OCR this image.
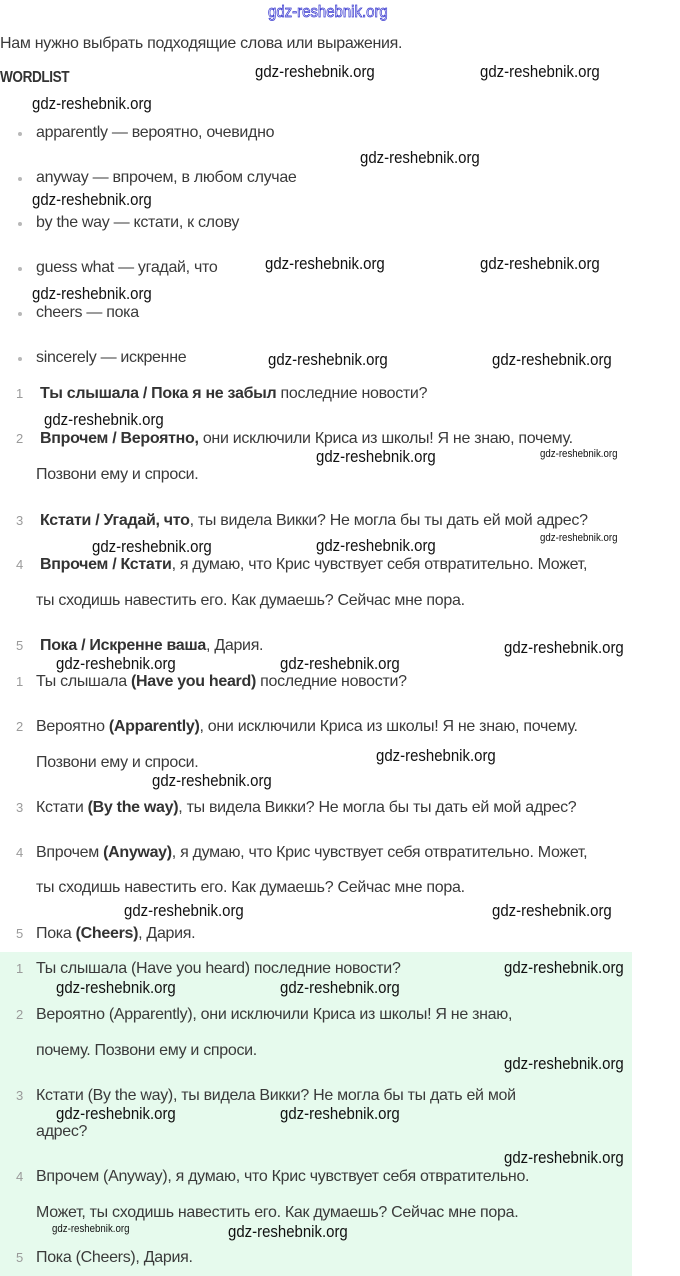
Нам нужно выбрать подходящие слова или выражения.
WORDLIST
apparently — вероятно, очевидно
anyway — впрочем, в любом случае
by the way — кстати, к слову
guess what — угадай, что
cheers — пока
sincerely — искренне
1 Ты слышала / Пока я не забыл последние новости?
2 Впрочем / Вероятно, они исключили Криса из школы! Я не знаю, почему.
Позвони ему и спроси.
3 Кстати / Угадай, что, ты видела Викки? Не могла бы ты дать ей мой адрес?
4 Впрочем / Кстати, я думаю, что Крис чувствует себя отвратительно. Может,
ты сходишь навестить его. Как думаешь? Сейчас мне пора.
5 Пока / Искренне ваша, Дария.
1 Ты слышала (Have you heard) последние новости?
2 Вероятно (Apparently), они исключили Криса из школы! Я не знаю, почему.
Позвони ему и спроси.
3 Кстати (By the way), ты видела Викки? Не могла бы ты дать ей мой адрес?
4 Впрочем (Anyway), я думаю, что Крис чувствует себя отвратительно. Может,
ты сходишь навестить его. Как думаешь? Сейчас мне пора.
5 Пока (Cheers), Дария.
1 Ты слышала (Have you heard) последние новости?
2 Вероятно (Apparently), они исключили Криса из школы! Я не знаю,
почему. Позвони ему и спроси.
3 Кстати (By the way), ты видела Викки? Не могла бы ты дать ей мой
адрес?
4 Впрочем (Anyway), я думаю, что Крис чувствует себя отвратительно.
Может, ты сходишь навестить его. Как думаешь? Сейчас мне пора.
5 Пока (Cheers), Дария.
gdz-reshebnik.org
gdz-reshebnik.org	gdz-reshebnik.org
gdz-reshebnik.org
gdz-reshebnik.org
gdz-reshebnik.org
gdz-reshebnik.org	gdz-reshebnik.org
gdz-reshebnik.org
gdz-reshebnik.org	gdz-reshebnik.org
gdz-reshebnik.org
gdz-reshebnik.org	gdz-reshebnik.org
gdz-reshebnik.org
gdz-reshebnik.org	gdz-reshebnik.org
gdz-reshebnik.org	gdz-reshebnik.org
gdz-reshebnik.org
gdz-reshebnik.org
gdz-reshebnik.org
gdz-reshebnik.org	gdz-reshebnik.org
gdz-reshebnik.org
gdz-reshebnik.org	gdz-reshebnik.org
gdz-reshebnik.org
gdz-reshebnik.org	gdz-reshebnik.org
gdz-reshebnik.org
gdz-reshebnik.org	gdz-reshebnik.org
